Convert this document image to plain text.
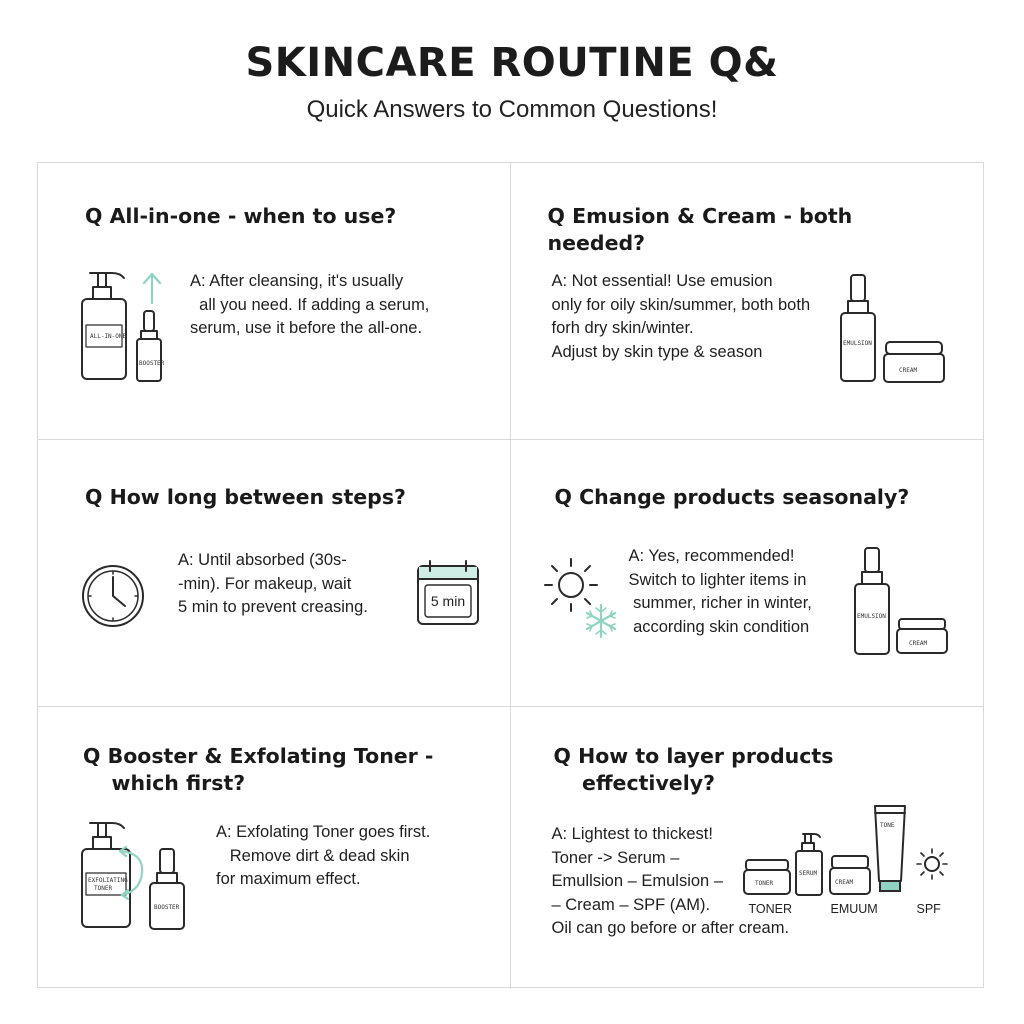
SKINCARE ROUTINE Q&
Quick Answers to Common Questions!
Q All-in-one - when to use?
ALL-IN-ONE
BOOSTER
A: After cleansing, it's usually
all you need. If adding a serum,
serum, use it before the all-one.
Q Emusion & Cream - both
needed?
A: Not essential! Use emusion
only for oily skin/summer, both both
forh dry skin/winter.
Adjust by skin type & season	EMULSION
CREAM
Q How long between steps?
A: Until absorbed (30s-
-min). For makeup, wait
5 min to prevent creasing.	5 min
Q Change products seasonaly?
A: Yes, recommended!
Switch to lighter items in
summer, richer in winter,
according skin condition
EMULSION
CREAM
Q Booster & Exfolating Toner -
which first?
EXFOLIATING
TONER
BOOSTER
A: Exfolating Toner goes first.
Remove dirt & dead skin
for maximum effect.
Q How to layer products
effectively?
A: Lightest to thickest!
Toner -> Serum –
Emullsion – Emulsion –
– Cream – SPF (AM).
Oil can go before or after cream.
TONER
SERUM
CREAM
TONE
TONER	EMUUM	SPF
